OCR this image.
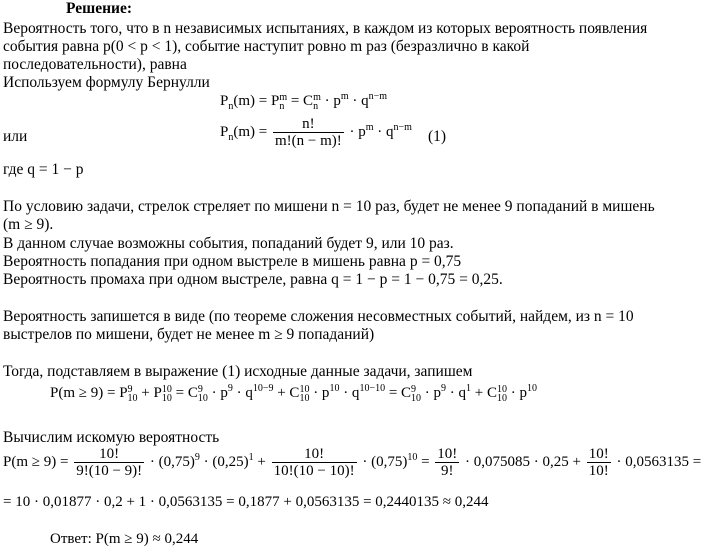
Решение:
Вероятность того, что в n независимых испытаниях, в каждом из которых вероятность появления события равна p(0 < p < 1), событие наступит ровно m раз (безразлично в какой последовательности), равна
Используем формулу Бернулли
$P_n(m) = P$ m
n = C m
$n \cdot p^m \cdot q^{n-m}$
или	$P_n(m) = \frac{n!}{m!(n - m)!} \cdot p^m \cdot q^{n-m}$
(1)
где q = 1 − p
По условию задачи, стрелок стреляет по мишени n = 10 раз, будет не менее 9 попаданий в мишень (m ≥ 9).
В данном случае возможны события, попаданий будет 9, или 10 раз.
Вероятность попадания при одном выстреле в мишень равна p = 0,75
Вероятность промаха при одном выстреле, равна q = 1 − p = 1 − 0,75 = 0,25.
Вероятность запишется в виде (по теореме сложения несовместных событий, найдем, из n = 10 выстрелов по мишени, будет не менее m ≥ 9 попаданий)
Тогда, подставляем в выражение (1) исходные данные задачи, запишем
P(m ≥ 9) = P 9
10 + P 10
10 = C 9
$10 \cdot p^9 \cdot q^{10-9} + C$ 10
$10 \cdot p^{10} \cdot q^{10-10} = C$ 9
$10 \cdot p^9 \cdot q^1 + C$ 10
$10 \cdot p^{10}$
Вычислим искомую вероятность
$P(m \ge 9) = \frac{10!}{9!(10 - 9)!} \cdot (0,75)^9 \cdot (0,25)^1 + \frac{10!}{10!(10 - 10)!} \cdot (0,75)^{10} = \frac{10!}{9!} \cdot 0,075085 \cdot 0,25 + \frac{10!}{10!} \cdot 0,0563135$ =
= 10 · 0,01877 · 0,2 + 1 · 0,0563135 = 0,1877 + 0,0563135 = 0,2440135 ≈ 0,244
Ответ: P(m ≥ 9) ≈ 0,244
